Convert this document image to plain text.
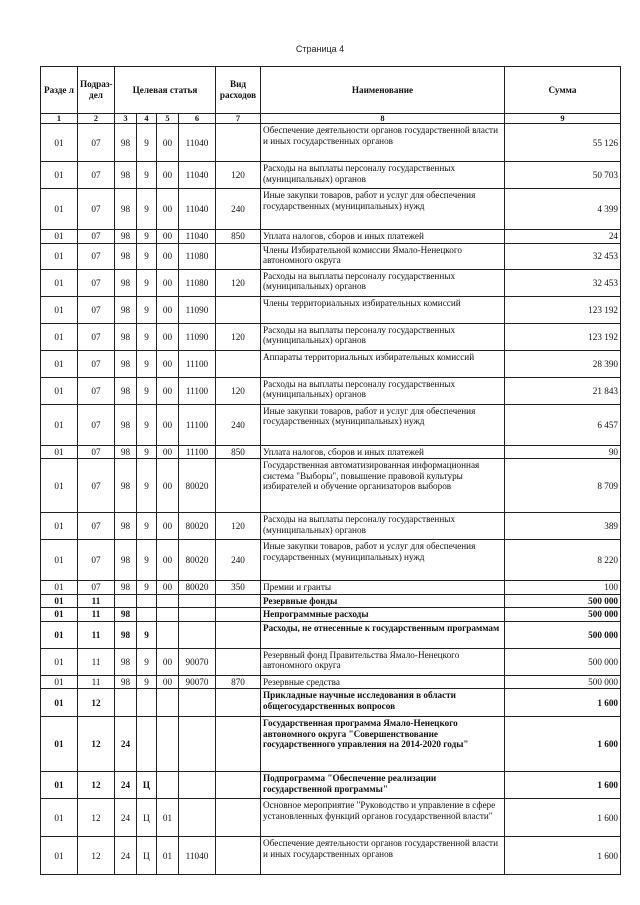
Страница 4
Разде л	Подраз- дел	Целевая статья				Вид расходов	Наименование	Сумма
1	2	3	4	5	6	7	8	9
01	07	98	9	00	11040		Обеспечение деятельности органов государственной власти и иных государственных органов	55 126
01	07	98	9	00	11040	120	Расходы на выплаты персоналу государственных (муниципальных) органов	50 703
01	07	98	9	00	11040	240	Иные закупки товаров, работ и услуг для обеспечения государственных (муниципальных) нужд	4 399
01	07	98	9	00	11040	850	Уплата налогов, сборов и иных платежей	24
01	07	98	9	00	11080		Члены Избирательной комиссии Ямало-Ненецкого автономного округа	32 453
01	07	98	9	00	11080	120	Расходы на выплаты персоналу государственных (муниципальных) органов	32 453
01	07	98	9	00	11090		Члены территориальных избирательных комиссий	123 192
01	07	98	9	00	11090	120	Расходы на выплаты персоналу государственных (муниципальных) органов	123 192
01	07	98	9	00	11100		Аппараты территориальных избирательных комиссий	28 390
01	07	98	9	00	11100	120	Расходы на выплаты персоналу государственных (муниципальных) органов	21 843
01	07	98	9	00	11100	240	Иные закупки товаров, работ и услуг для обеспечения государственных (муниципальных) нужд	6 457
01	07	98	9	00	11100	850	Уплата налогов, сборов и иных платежей	90
01	07	98	9	00	80020		Государственная автоматизированная информационная система "Выборы", повышение правовой культуры избирателей и обучение организаторов выборов	8 709
01	07	98	9	00	80020	120	Расходы на выплаты персоналу государственных (муниципальных) органов	389
01	07	98	9	00	80020	240	Иные закупки товаров, работ и услуг для обеспечения государственных (муниципальных) нужд	8 220
01	07	98	9	00	80020	350	Премии и гранты	100
01	11						Резервные фонды	500 000
01	11	98					Непрограммные расходы	500 000
01	11	98	9				Расходы, не отнесенные к государственным программам	500 000
01	11	98	9	00	90070		Резервный фонд Правительства Ямало-Ненецкого автономного округа	500 000
01	11	98	9	00	90070	870	Резервные средства	500 000
01	12						Прикладные научные исследования в области общегосударственных вопросов	1 600
01	12	24					Государственная программа Ямало-Ненецкого автономного округа "Совершенствование государственного управления на 2014-2020 годы"	1 600
01	12	24	Ц				Подпрограмма "Обеспечение реализации государственной программы"	1 600
01	12	24	Ц	01			Основное мероприятие "Руководство и управление в сфере установленных функций органов государственной власти"	1 600
01	12	24	Ц	01	11040		Обеспечение деятельности органов государственной власти и иных государственных органов	1 600
